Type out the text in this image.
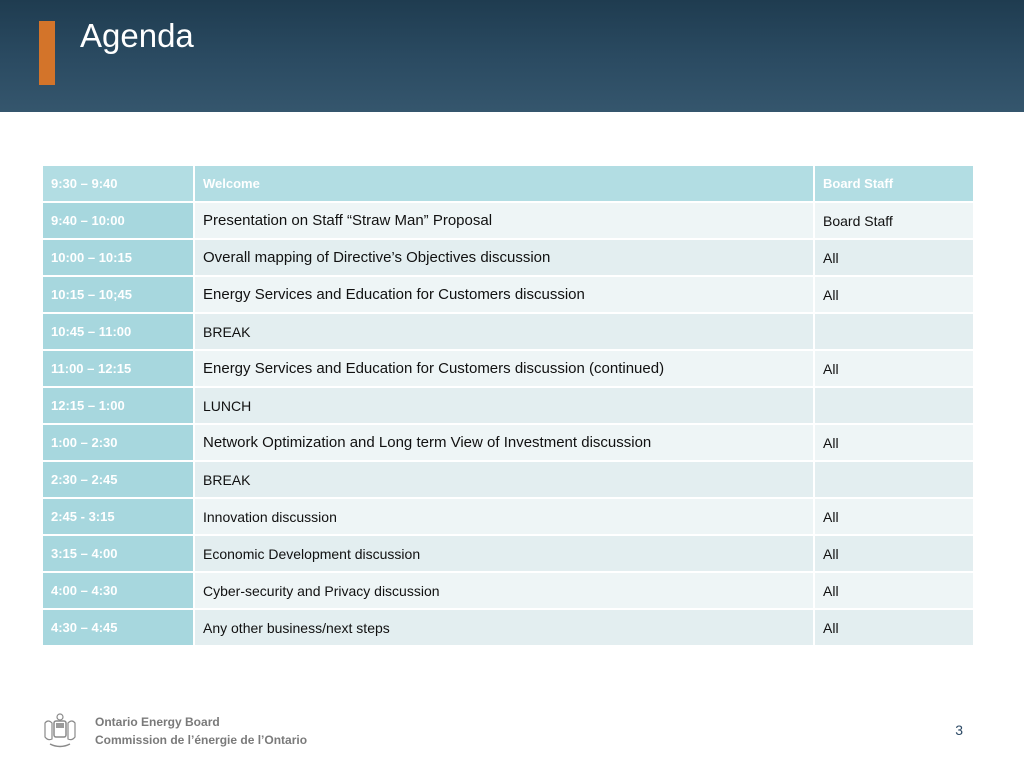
Agenda
9:30 – 9:40	Welcome	Board Staff
9:40 – 10:00	Presentation on Staff “Straw Man” Proposal	Board Staff
10:00 – 10:15	Overall mapping of Directive’s Objectives discussion	All
10:15 – 10;45	Energy Services and Education for Customers discussion	All
10:45 – 11:00	BREAK	
11:00 – 12:15	Energy Services and Education for Customers discussion (continued)	All
12:15 – 1:00	LUNCH	
1:00 – 2:30	Network Optimization and Long term View of Investment discussion	All
2:30 – 2:45	BREAK	
2:45 - 3:15	Innovation discussion	All
3:15 – 4:00	Economic Development discussion	All
4:00 – 4:30	Cyber-security and Privacy discussion	All
4:30 – 4:45	Any other business/next steps	All
Ontario Energy Board
Commission de l’énergie de l’Ontario
3
